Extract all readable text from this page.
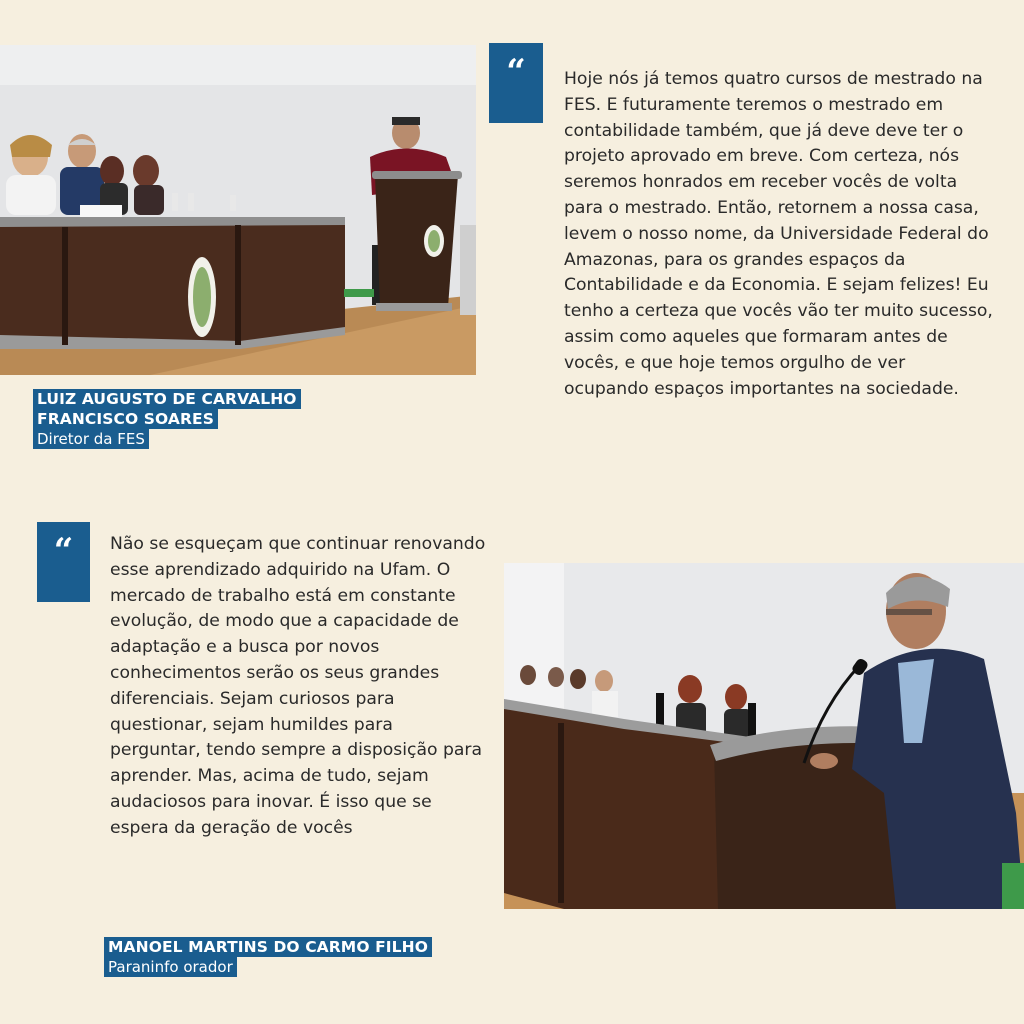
“	Hoje nós já temos quatro cursos de mestrado na FES. E futuramente teremos o mestrado em contabilidade também, que já deve deve ter o projeto aprovado em breve. Com certeza, nós seremos honrados em receber vocês de volta para o mestrado. Então, retornem a nossa casa, levem o nosso nome, da Universidade Federal do Amazonas, para os grandes espaços da Contabilidade e da Economia. E sejam felizes! Eu tenho a certeza que vocês vão ter muito sucesso, assim como aqueles que formaram antes de vocês, e que hoje temos orgulho de ver ocupando espaços importantes na sociedade.

LUIZ AUGUSTO DE CARVALHO
FRANCISCO SOARES
Diretor da FES
“	Não se esqueçam que continuar renovando esse aprendizado adquirido na Ufam. O mercado de trabalho está em constante evolução, de modo que a capacidade de adaptação e a busca por novos conhecimentos serão os seus grandes diferenciais. Sejam curiosos para questionar, sejam humildes para perguntar, tendo sempre a disposição para aprender. Mas, acima de tudo, sejam audaciosos para inovar. É isso que se espera da geração de vocês

MANOEL MARTINS DO CARMO FILHO
Paraninfo orador
